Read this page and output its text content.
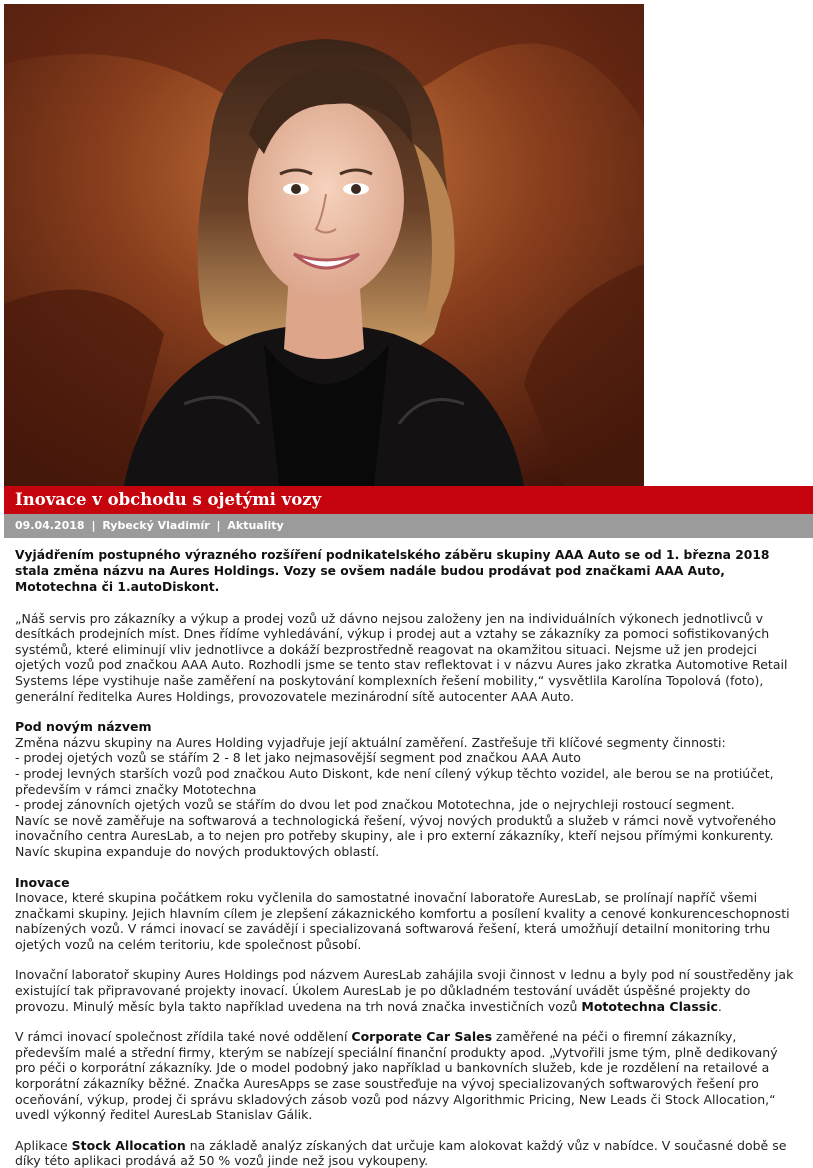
Inovace v obchodu s ojetými vozy
09.04.2018 | Rybecký Vladimír | Aktuality

Vyjádřením postupného výrazného rozšíření podnikatelského záběru skupiny AAA Auto se od 1. března 2018 stala změna názvu na Aures Holdings. Vozy se ovšem nadále budou prodávat pod značkami AAA Auto, Mototechna či 1.autoDiskont.

„Náš servis pro zákazníky a výkup a prodej vozů už dávno nejsou založeny jen na individuálních výkonech jednotlivců v desítkách prodejních míst. Dnes řídíme vyhledávání, výkup i prodej aut a vztahy se zákazníky za pomoci sofistikovaných systémů, které eliminují vliv jednotlivce a dokáží bezprostředně reagovat na okamžitou situaci. Nejsme už jen prodejci ojetých vozů pod značkou AAA Auto. Rozhodli jsme se tento stav reflektovat i v názvu Aures jako zkratka Automotive Retail Systems lépe vystihuje naše zaměření na poskytování komplexních řešení mobility,“ vysvětlila Karolína Topolová (foto), generální ředitelka Aures Holdings, provozovatele mezinárodní sítě autocenter AAA Auto.

Pod novým názvem
Změna názvu skupiny na Aures Holding vyjadřuje její aktuální zaměření. Zastřešuje tři klíčové segmenty činnosti:
- prodej ojetých vozů se stářím 2 - 8 let jako nejmasovější segment pod značkou AAA Auto
- prodej levných starších vozů pod značkou Auto Diskont, kde není cílený výkup těchto vozidel, ale berou se na protiúčet, především v rámci značky Mototechna
- prodej zánovních ojetých vozů se stářím do dvou let pod značkou Mototechna, jde o nejrychleji rostoucí segment.
Navíc se nově zaměřuje na softwarová a technologická řešení, vývoj nových produktů a služeb v rámci nově vytvořeného inovačního centra AuresLab, a to nejen pro potřeby skupiny, ale i pro externí zákazníky, kteří nejsou přímými konkurenty. Navíc skupina expanduje do nových produktových oblastí.
Inovace
Inovace, které skupina počátkem roku vyčlenila do samostatné inovační laboratoře AuresLab, se prolínají napříč všemi značkami skupiny. Jejich hlavním cílem je zlepšení zákaznického komfortu a posílení kvality a cenové konkurenceschopnosti nabízených vozů. V rámci inovací se zavádějí i specializovaná softwarová řešení, která umožňují detailní monitoring trhu ojetých vozů na celém teritoriu, kde společnost působí.

Inovační laboratoř skupiny Aures Holdings pod názvem AuresLab zahájila svoji činnost v lednu a byly pod ní soustředěny jak existující tak připravované projekty inovací. Úkolem AuresLab je po důkladném testování uvádět úspěšné projekty do provozu. Minulý měsíc byla takto například uvedena na trh nová značka investičních vozů Mototechna Classic.

V rámci inovací společnost zřídila také nové oddělení Corporate Car Sales zaměřené na péči o firemní zákazníky, především malé a střední firmy, kterým se nabízejí speciální finanční produkty apod. „Vytvořili jsme tým, plně dedikovaný pro péči o korporátní zákazníky. Jde o model podobný jako například u bankovních služeb, kde je rozdělení na retailové a korporátní zákazníky běžné. Značka AuresApps se zase soustřeďuje na vývoj specializovaných softwarových řešení pro oceňování, výkup, prodej či správu skladových zásob vozů pod názvy Algorithmic Pricing, New Leads či Stock Allocation,“ uvedl výkonný ředitel AuresLab Stanislav Gálik.

Aplikace Stock Allocation na základě analýz získaných dat určuje kam alokovat každý vůz v nabídce. V současné době se díky této aplikaci prodává až 50 % vozů jinde než jsou vykoupeny.
